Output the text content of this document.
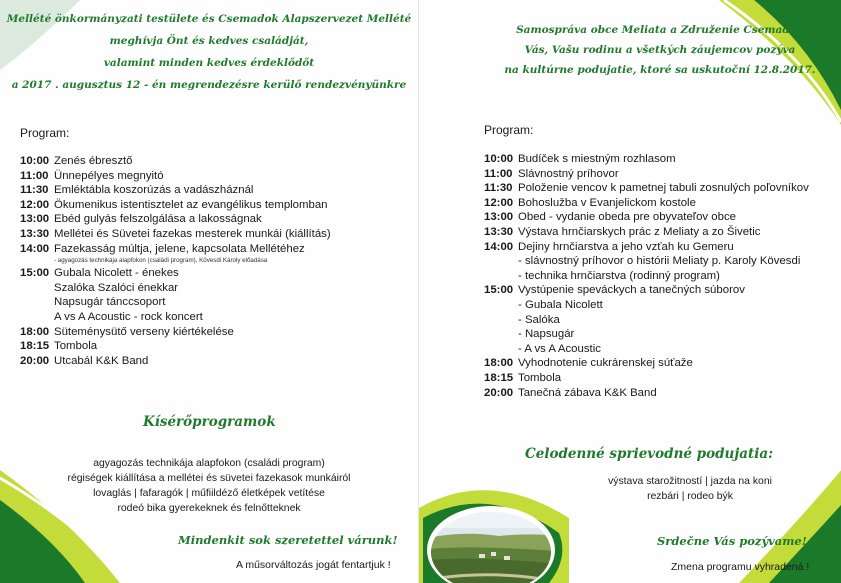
Mellété önkormányzati testülete és Csemadok Alapszervezet Mellété
meghívja Önt és kedves családját,
valamint minden kedves érdeklődőt
a 2017 . augusztus 12 - én megrendezésre kerülő rendezvényünkre
Program:
10:00 Zenés ébresztő
11:00 Ünnepélyes megnyitó
11:30 Emléktábla koszorúzás a vadászháznál
12:00 Ökumenikus istentisztelet az evangélikus templomban
13:00 Ebéd gulyás felszolgálása a lakosságnak
13:30 Mellétei és Süvetei fazekas mesterek munkái (kiállítás)
14:00 Fazekasság múltja, jelene, kapcsolata Mellétéhez
- agyagozás technikája alapfokon (családi program), Kövesdi Károly előadása
15:00 Gubala Nicolett - énekes
Szalóka Szalóci énekkar
Napsugár tánccsoport
A vs A Acoustic - rock koncert
18:00 Süteménysütő verseny kiértékelése
18:15 Tombola
20:00 Utcabál K&K Band
Kísérőprogramok
agyagozás technikája alapfokon (családi program)
régiségek kiállítása a mellétei és süvetei fazekasok munkáiról
lovaglás | fafaragók | műfiildéző életképek vetítése
rodeó bika gyerekeknek és felnőtteknek
Mindenkit sok szeretettel várunk!
A műsorváltozás jogát fentartjuk !
Samospráva obce Meliata a Združenie Csemadok
Vás, Vašu rodinu a všetkých záujemcov pozýva
na kultúrne podujatie, ktoré sa uskutoční 12.8.2017.
Program:
10:00 Budíček s miestným rozhlasom
11:00 Slávnostný príhovor
11:30 Položenie vencov k pametnej tabuli zosnulých poľovníkov
12:00 Bohoslužba v Evanjelickom kostole
13:00 Obed - vydanie obeda pre obyvateľov obce
13:30 Výstava hrnčiarskych prác z Meliaty a zo Šivetic
14:00 Dejiny hrnčiarstva a jeho vzťah ku Gemeru
- slávnostný príhovor o histórii Meliaty p. Karoly Kövesdi
- technika hrnčiarstva (rodinný program)
15:00 Vystúpenie speváckych a tanečných súborov
- Gubala Nicolett
- Salóka
- Napsugár
- A vs A Acoustic
18:00 Vyhodnotenie cukrárenskej súťaže
18:15 Tombola
20:00 Tanečná zábava K&K Band
Celodenné sprievodné podujatia:
výstava starožitností | jazda na koni
rezbári | rodeo býk
Srdečne Vás pozývame!
Zmena programu vyhradená !
